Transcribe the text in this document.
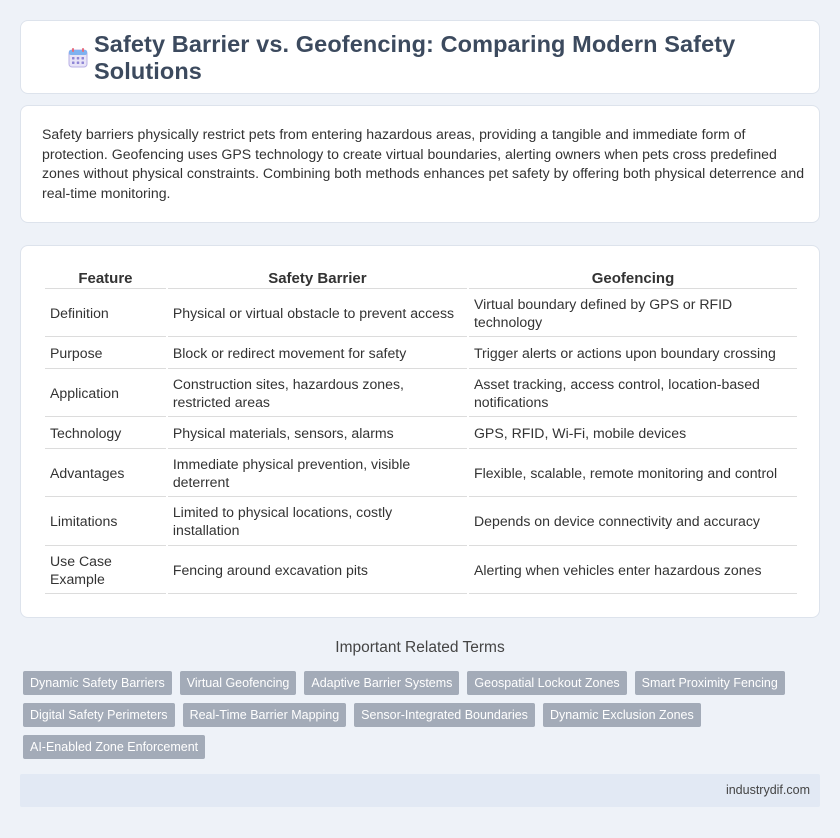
Safety Barrier vs. Geofencing: Comparing Modern Safety Solutions

Safety barriers physically restrict pets from entering hazardous areas, providing a tangible and immediate form of protection. Geofencing uses GPS technology to create virtual boundaries, alerting owners when pets cross predefined zones without physical constraints. Combining both methods enhances pet safety by offering both physical deterrence and real-time monitoring.

Feature	Safety Barrier	Geofencing
Definition	Physical or virtual obstacle to prevent access	Virtual boundary defined by GPS or RFID technology
Purpose	Block or redirect movement for safety	Trigger alerts or actions upon boundary crossing
Application	Construction sites, hazardous zones, restricted areas	Asset tracking, access control, location-based notifications
Technology	Physical materials, sensors, alarms	GPS, RFID, Wi-Fi, mobile devices
Advantages	Immediate physical prevention, visible deterrent	Flexible, scalable, remote monitoring and control
Limitations	Limited to physical locations, costly installation	Depends on device connectivity and accuracy
Use Case Example	Fencing around excavation pits	Alerting when vehicles enter hazardous zones
Important Related Terms
Dynamic Safety Barriers	Virtual Geofencing	Adaptive Barrier Systems	Geospatial Lockout Zones	Smart Proximity Fencing
Digital Safety Perimeters	Real-Time Barrier Mapping	Sensor-Integrated Boundaries	Dynamic Exclusion Zones
AI-Enabled Zone Enforcement
industrydif.com
